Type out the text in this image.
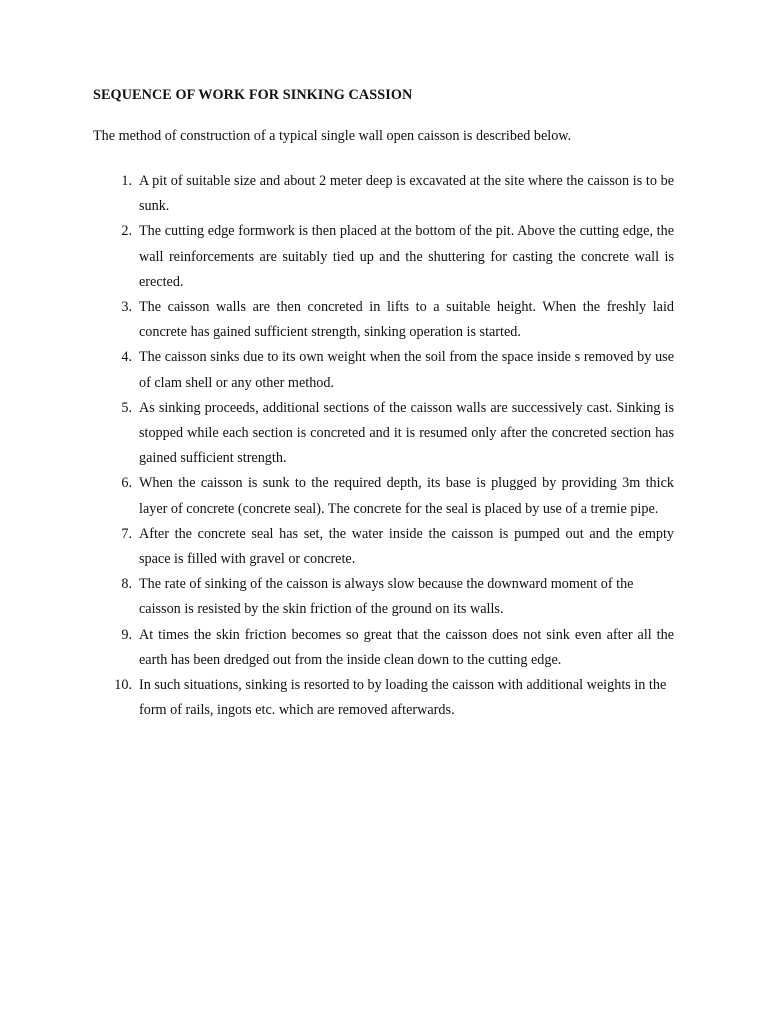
SEQUENCE OF WORK FOR SINKING CASSION
The method of construction of a typical single wall open caisson is described below.
1. A pit of suitable size and about 2 meter deep is excavated at the site where the caisson is to be sunk.
2. The cutting edge formwork is then placed at the bottom of the pit. Above the cutting edge, the wall reinforcements are suitably tied up and the shuttering for casting the concrete wall is erected.
3. The caisson walls are then concreted in lifts to a suitable height. When the freshly laid concrete has gained sufficient strength, sinking operation is started.
4. The caisson sinks due to its own weight when the soil from the space inside s removed by use of clam shell or any other method.
5. As sinking proceeds, additional sections of the caisson walls are successively cast. Sinking is stopped while each section is concreted and it is resumed only after the concreted section has gained sufficient strength.
6. When the caisson is sunk to the required depth, its base is plugged by providing 3m thick layer of concrete (concrete seal). The concrete for the seal is placed by use of a tremie pipe.
7. After the concrete seal has set, the water inside the caisson is pumped out and the empty space is filled with gravel or concrete.
8. The rate of sinking of the caisson is always slow because the downward moment of the caisson is resisted by the skin friction of the ground on its walls.
9. At times the skin friction becomes so great that the caisson does not sink even after all the earth has been dredged out from the inside clean down to the cutting edge.
10. In such situations, sinking is resorted to by loading the caisson with additional weights in the form of rails, ingots etc. which are removed afterwards.
